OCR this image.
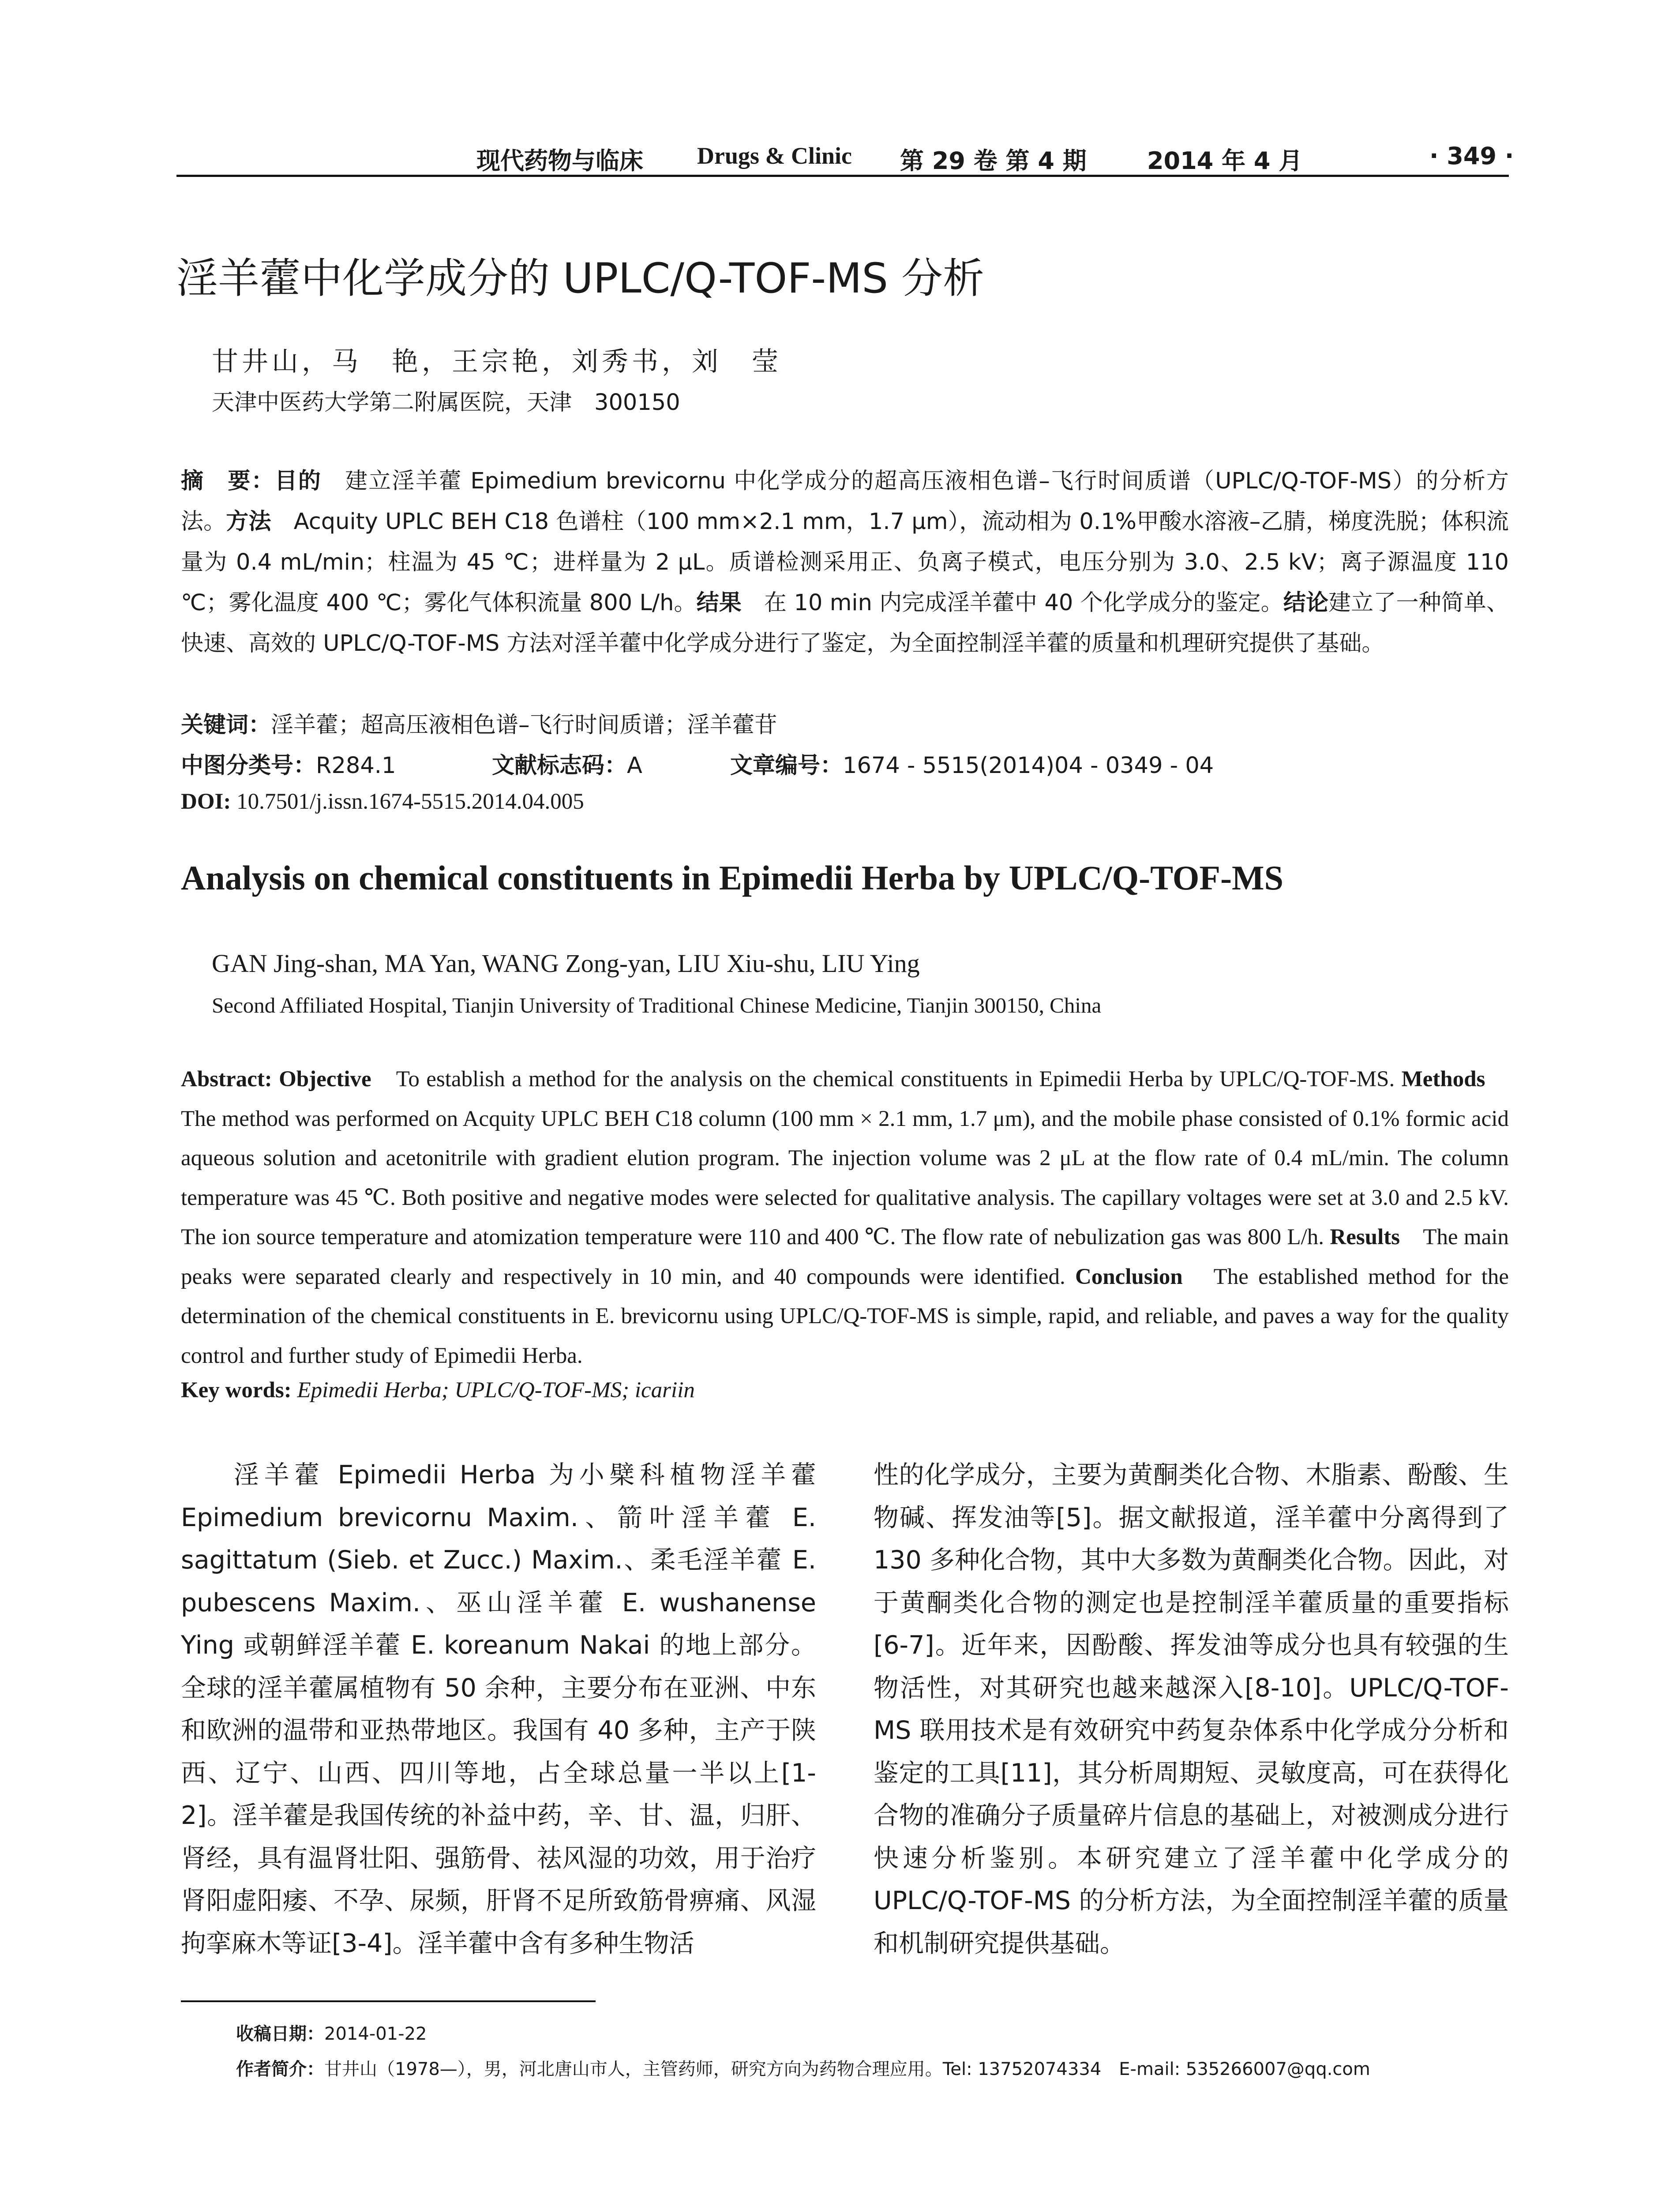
现代药物与临床 Drugs & Clinic 第 29 卷 第 4 期	2014 年 4 月	· 349 ·
淫羊藿中化学成分的 UPLC/Q-TOF-MS 分析
甘井山，马　艳，王宗艳，刘秀书，刘　莹
天津中医药大学第二附属医院，天津　300150
摘　要：目的　建立淫羊藿 Epimedium brevicornu 中化学成分的超高压液相色谱–飞行时间质谱（UPLC/Q-TOF-MS）的分析方法。方法　Acquity UPLC BEH C18 色谱柱（100 mm×2.1 mm，1.7 μm），流动相为 0.1%甲酸水溶液–乙腈，梯度洗脱；体积流量为 0.4 mL/min；柱温为 45 ℃；进样量为 2 μL。质谱检测采用正、负离子模式，电压分别为 3.0、2.5 kV；离子源温度 110 ℃；雾化温度 400 ℃；雾化气体积流量 800 L/h。结果　在 10 min 内完成淫羊藿中 40 个化学成分的鉴定。结论建立了一种简单、快速、高效的 UPLC/Q-TOF-MS 方法对淫羊藿中化学成分进行了鉴定，为全面控制淫羊藿的质量和机理研究提供了基础。
关键词：淫羊藿；超高压液相色谱–飞行时间质谱；淫羊藿苷
中图分类号：R284.1	文献标志码：A	文章编号：1674 - 5515(2014)04 - 0349 - 04
DOI: 10.7501/j.issn.1674-5515.2014.04.005
Analysis on chemical constituents in Epimedii Herba by UPLC/Q-TOF-MS
GAN Jing-shan, MA Yan, WANG Zong-yan, LIU Xiu-shu, LIU Ying
Second Affiliated Hospital, Tianjin University of Traditional Chinese Medicine, Tianjin 300150, China
Abstract: Objective　To establish a method for the analysis on the chemical constituents in Epimedii Herba by UPLC/Q-TOF-MS. Methods　The method was performed on Acquity UPLC BEH C18 column (100 mm × 2.1 mm, 1.7 μm), and the mobile phase consisted of 0.1% formic acid aqueous solution and acetonitrile with gradient elution program. The injection volume was 2 μL at the flow rate of 0.4 mL/min. The column temperature was 45 ℃. Both positive and negative modes were selected for qualitative analysis. The capillary voltages were set at 3.0 and 2.5 kV. The ion source temperature and atomization temperature were 110 and 400 ℃. The flow rate of nebulization gas was 800 L/h. Results　The main peaks were separated clearly and respectively in 10 min, and 40 compounds were identified. Conclusion　The established method for the determination of the chemical constituents in E. brevicornu using UPLC/Q-TOF-MS is simple, rapid, and reliable, and paves a way for the quality control and further study of Epimedii Herba.
Key words: Epimedii Herba; UPLC/Q-TOF-MS; icariin
淫羊藿 Epimedii Herba 为小檗科植物淫羊藿 Epimedium brevicornu Maxim.、箭叶淫羊藿 E. sagittatum (Sieb. et Zucc.) Maxim.、柔毛淫羊藿 E. pubescens Maxim.、巫山淫羊藿 E. wushanense Ying 或朝鲜淫羊藿 E. koreanum Nakai 的地上部分。全球的淫羊藿属植物有 50 余种，主要分布在亚洲、中东和欧洲的温带和亚热带地区。我国有 40 多种，主产于陕西、辽宁、山西、四川等地，占全球总量一半以上[1-2]。淫羊藿是我国传统的补益中药，辛、甘、温，归肝、肾经，具有温肾壮阳、强筋骨、祛风湿的功效，用于治疗肾阳虚阳痿、不孕、尿频，肝肾不足所致筋骨痹痛、风湿拘挛麻木等证[3-4]。淫羊藿中含有多种生物活
性的化学成分，主要为黄酮类化合物、木脂素、酚酸、生物碱、挥发油等[5]。据文献报道，淫羊藿中分离得到了 130 多种化合物，其中大多数为黄酮类化合物。因此，对于黄酮类化合物的测定也是控制淫羊藿质量的重要指标[6-7]。近年来，因酚酸、挥发油等成分也具有较强的生物活性，对其研究也越来越深入[8-10]。UPLC/Q-TOF-MS 联用技术是有效研究中药复杂体系中化学成分分析和鉴定的工具[11]，其分析周期短、灵敏度高，可在获得化合物的准确分子质量碎片信息的基础上，对被测成分进行快速分析鉴别。本研究建立了淫羊藿中化学成分的 UPLC/Q-TOF-MS 的分析方法，为全面控制淫羊藿的质量和机制研究提供基础。
收稿日期：2014-01-22
作者简介：甘井山（1978—），男，河北唐山市人，主管药师，研究方向为药物合理应用。Tel: 13752074334　E-mail: 535266007@qq.com
